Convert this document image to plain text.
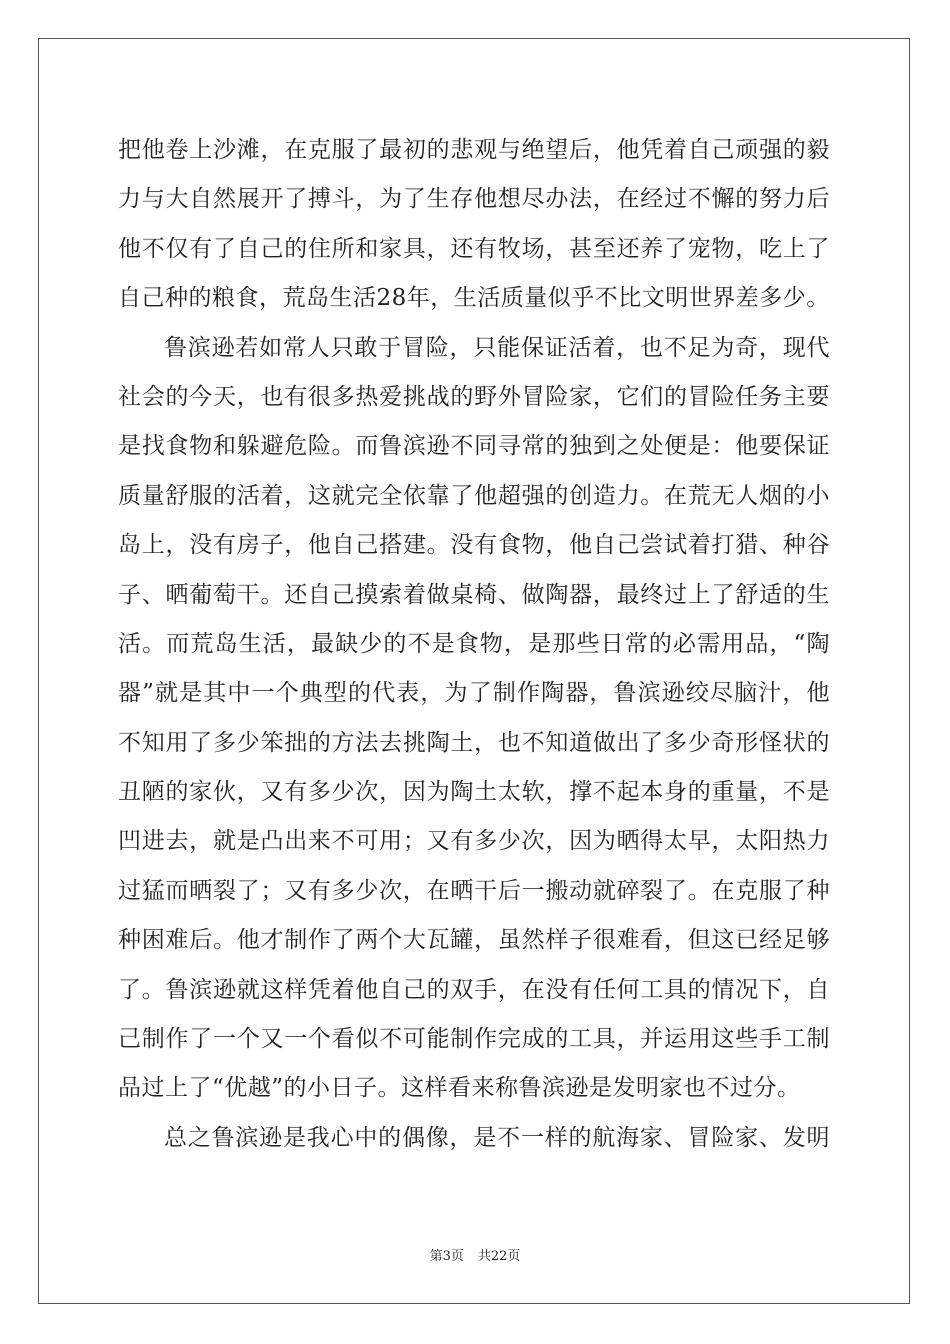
把他卷上沙滩，在克服了最初的悲观与绝望后，他凭着自己顽强的毅
力与大自然展开了搏斗，为了生存他想尽办法，在经过不懈的努力后
他不仅有了自己的住所和家具，还有牧场，甚至还养了宠物，吃上了
自己种的粮食，荒岛生活28年，生活质量似乎不比文明世界差多少。
鲁滨逊若如常人只敢于冒险，只能保证活着，也不足为奇，现代
社会的今天，也有很多热爱挑战的野外冒险家，它们的冒险任务主要
是找食物和躲避危险。而鲁滨逊不同寻常的独到之处便是：他要保证
质量舒服的活着，这就完全依靠了他超强的创造力。在荒无人烟的小
岛上，没有房子，他自己搭建。没有食物，他自己尝试着打猎、种谷
子、晒葡萄干。还自己摸索着做桌椅、做陶器，最终过上了舒适的生
活。而荒岛生活，最缺少的不是食物，是那些日常的必需用品，“陶
器”就是其中一个典型的代表，为了制作陶器，鲁滨逊绞尽脑汁，他
不知用了多少笨拙的方法去挑陶土，也不知道做出了多少奇形怪状的
丑陋的家伙，又有多少次，因为陶土太软，撑不起本身的重量，不是
凹进去，就是凸出来不可用；又有多少次，因为晒得太早，太阳热力
过猛而晒裂了；又有多少次，在晒干后一搬动就碎裂了。在克服了种
种困难后。他才制作了两个大瓦罐，虽然样子很难看，但这已经足够
了。鲁滨逊就这样凭着他自己的双手，在没有任何工具的情况下，自
己制作了一个又一个看似不可能制作完成的工具，并运用这些手工制
品过上了“优越”的小日子。这样看来称鲁滨逊是发明家也不过分。
总之鲁滨逊是我心中的偶像，是不一样的航海家、冒险家、发明
第3页 共22页
